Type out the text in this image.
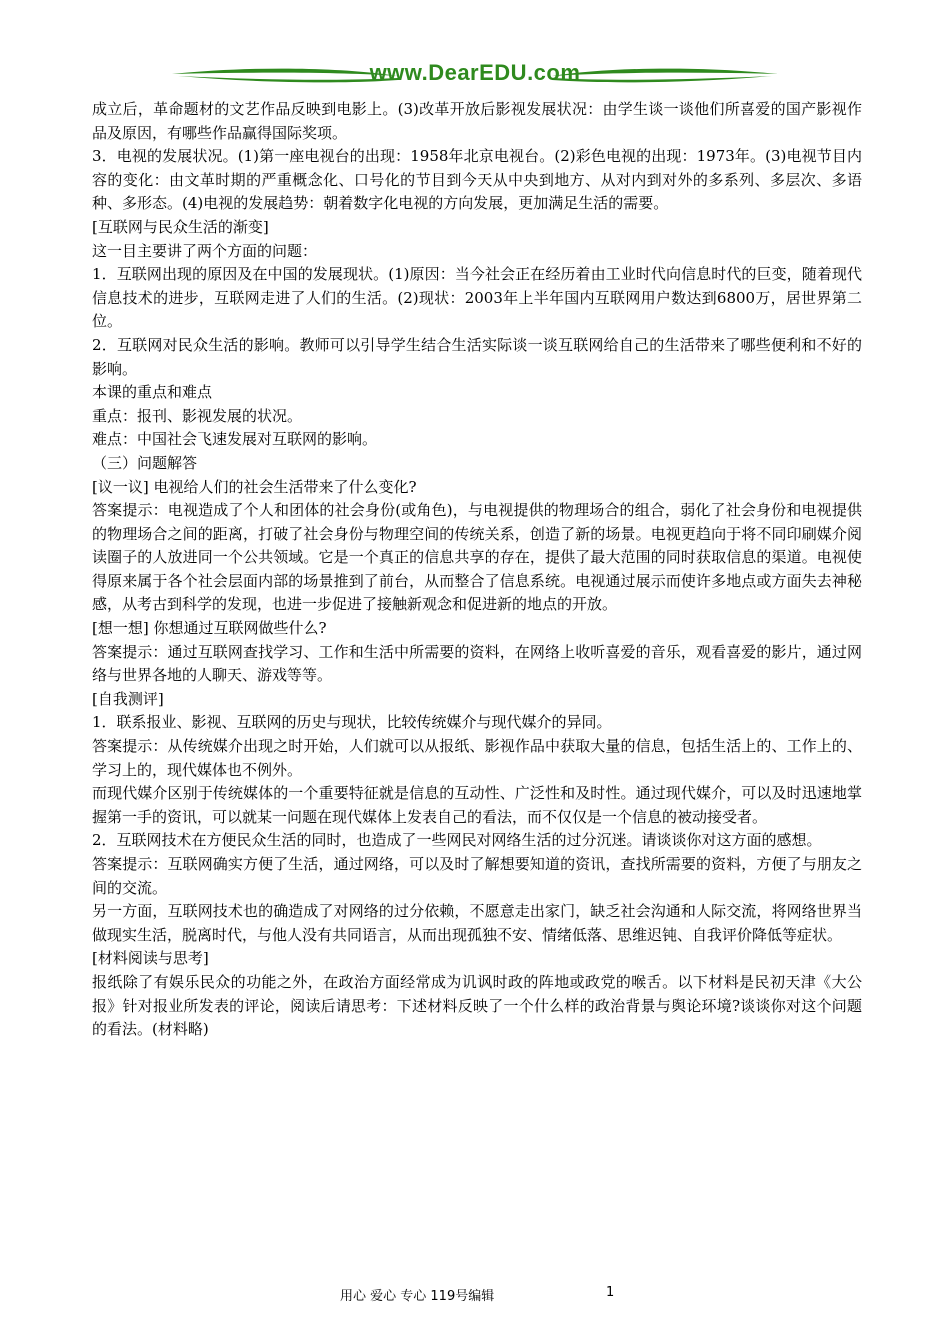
www.DearEDU.com

成立后，革命题材的文艺作品反映到电影上。(3)改革开放后影视发展状况：由学生谈一谈他们所喜爱的国产影视作品及原因，有哪些作品赢得国际奖项。

3．电视的发展状况。(1)第一座电视台的出现：1958年北京电视台。(2)彩色电视的出现：1973年。(3)电视节目内容的变化：由文革时期的严重概念化、口号化的节目到今天从中央到地方、从对内到对外的多系列、多层次、多语种、多形态。(4)电视的发展趋势：朝着数字化电视的方向发展，更加满足生活的需要。

[互联网与民众生活的渐变]

这一目主要讲了两个方面的问题：

1．互联网出现的原因及在中国的发展现状。(1)原因：当今社会正在经历着由工业时代向信息时代的巨变，随着现代信息技术的进步，互联网走进了人们的生活。(2)现状：2003年上半年国内互联网用户数达到6800万，居世界第二位。

2．互联网对民众生活的影响。教师可以引导学生结合生活实际谈一谈互联网给自己的生活带来了哪些便利和不好的影响。

本课的重点和难点

重点：报刊、影视发展的状况。

难点：中国社会飞速发展对互联网的影响。

（三）问题解答

[议一议] 电视给人们的社会生活带来了什么变化?

答案提示：电视造成了个人和团体的社会身份(或角色)，与电视提供的物理场合的组合，弱化了社会身份和电视提供的物理场合之间的距离，打破了社会身份与物理空间的传统关系，创造了新的场景。电视更趋向于将不同印刷媒介阅读圈子的人放进同一个公共领域。它是一个真正的信息共享的存在，提供了最大范围的同时获取信息的渠道。电视使得原来属于各个社会层面内部的场景推到了前台，从而整合了信息系统。电视通过展示而使许多地点或方面失去神秘感，从考古到科学的发现，也进一步促进了接触新观念和促进新的地点的开放。

[想一想] 你想通过互联网做些什么?

答案提示：通过互联网查找学习、工作和生活中所需要的资料，在网络上收听喜爱的音乐，观看喜爱的影片，通过网络与世界各地的人聊天、游戏等等。

[自我测评]

1．联系报业、影视、互联网的历史与现状，比较传统媒介与现代媒介的异同。

答案提示：从传统媒介出现之时开始，人们就可以从报纸、影视作品中获取大量的信息，包括生活上的、工作上的、学习上的，现代媒体也不例外。

而现代媒介区别于传统媒体的一个重要特征就是信息的互动性、广泛性和及时性。通过现代媒介，可以及时迅速地掌握第一手的资讯，可以就某一问题在现代媒体上发表自己的看法，而不仅仅是一个信息的被动接受者。

2．互联网技术在方便民众生活的同时，也造成了一些网民对网络生活的过分沉迷。请谈谈你对这方面的感想。

答案提示：互联网确实方便了生活，通过网络，可以及时了解想要知道的资讯，查找所需要的资料，方便了与朋友之间的交流。

另一方面，互联网技术也的确造成了对网络的过分依赖，不愿意走出家门，缺乏社会沟通和人际交流，将网络世界当做现实生活，脱离时代，与他人没有共同语言，从而出现孤独不安、情绪低落、思维迟钝、自我评价降低等症状。

[材料阅读与思考]

报纸除了有娱乐民众的功能之外，在政治方面经常成为讥讽时政的阵地或政党的喉舌。以下材料是民初天津《大公报》针对报业所发表的评论，阅读后请思考：下述材料反映了一个什么样的政治背景与舆论环境?谈谈你对这个问题的看法。(材料略)

用心 爱心 专心 119号编辑	1
